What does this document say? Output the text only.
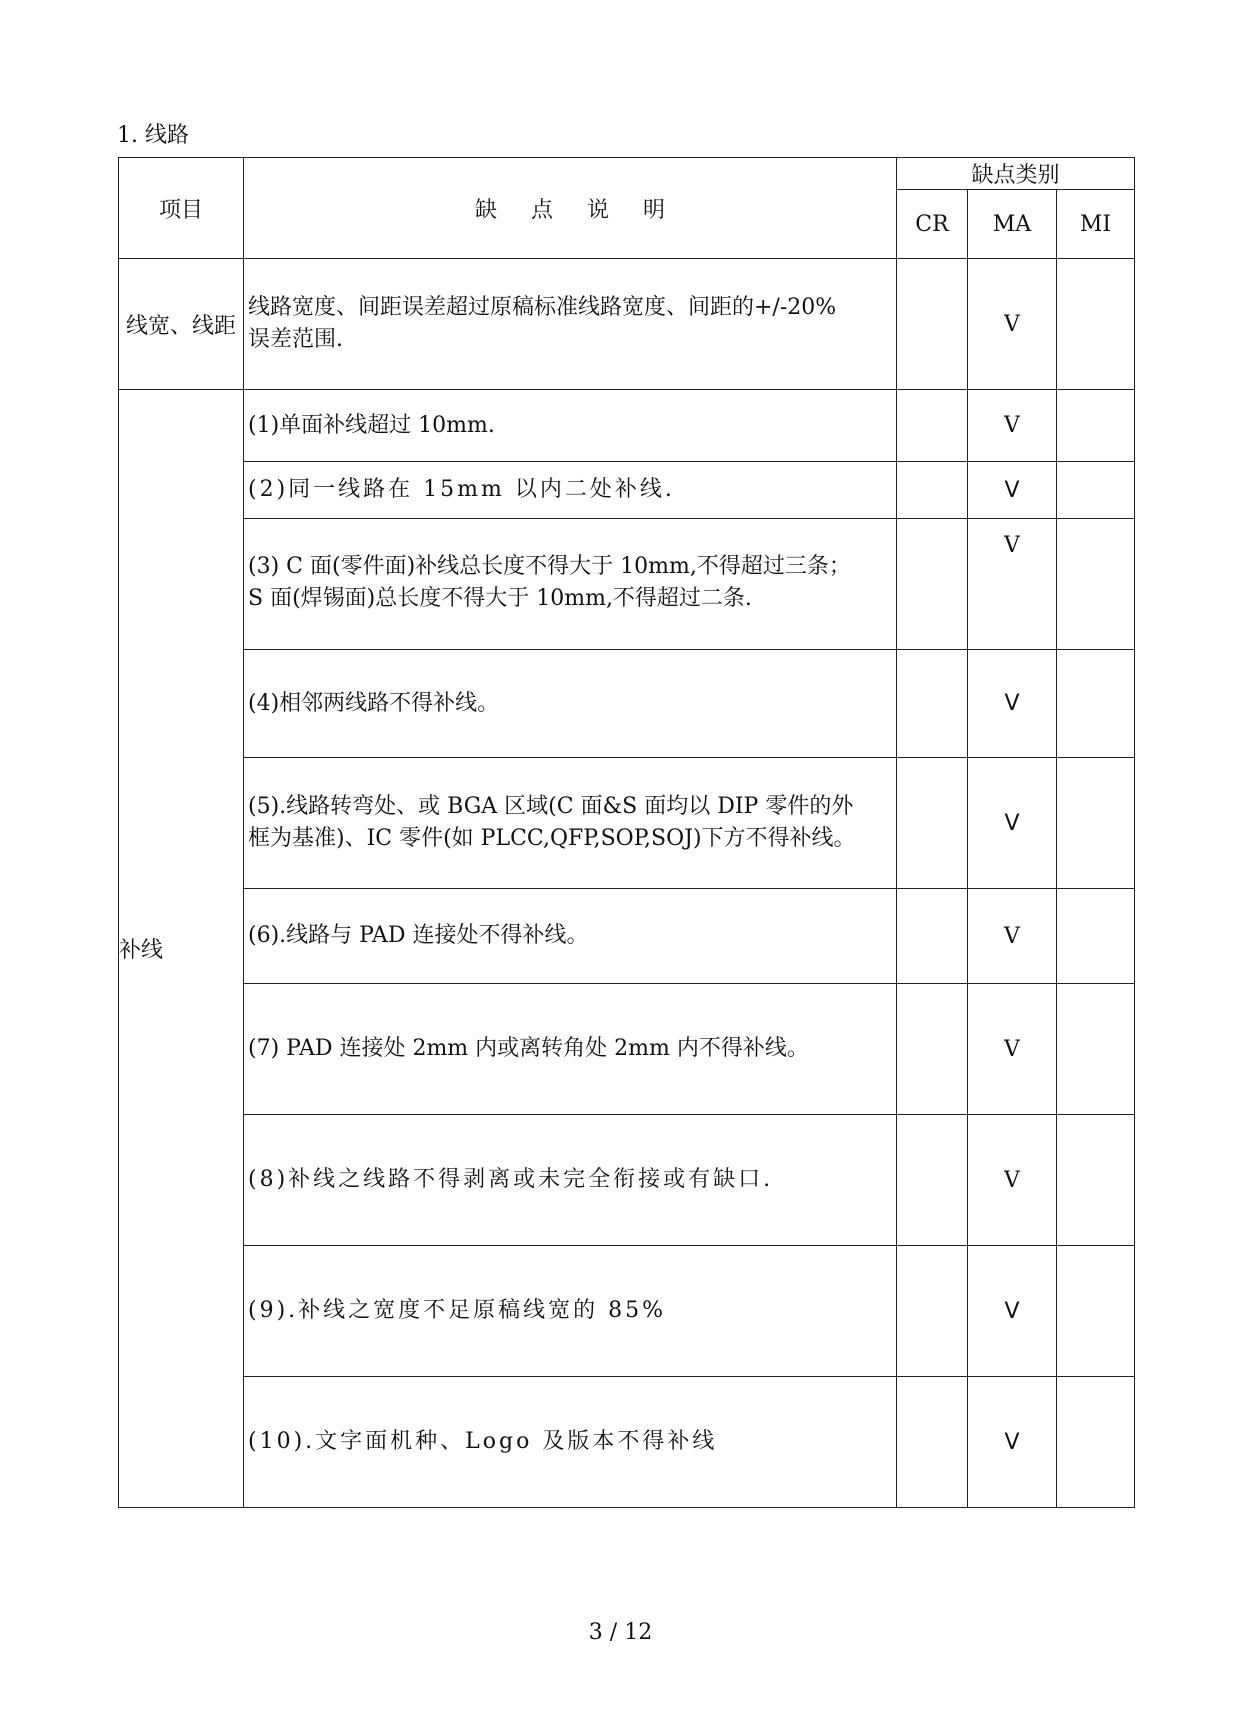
1. 线路
项目	缺点说明	缺点类别		
		CR	MA	MI
线宽、线距	线路宽度、间距误差超过原稿标准线路宽度、间距的+/-20%
误差范围.		V	
补线	(1)单面补线超过 10mm.		V	
	(2)同一线路在 15mm 以内二处补线.		V	

	(3) C 面(零件面)补线总长度不得大于 10mm,不得超过三条；
S 面(焊锡面)总长度不得大于 10mm,不得超过二条.		V	
	(4)相邻两线路不得补线。		V	

	(5).线路转弯处、或 BGA 区域(C 面&S 面均以 DIP 零件的外
框为基准)、IC 零件(如 PLCC,QFP,SOP,SOJ)下方不得补线。		V	
	(6).线路与 PAD 连接处不得补线。		V	
	(7) PAD 连接处 2mm 内或离转角处 2mm 内不得补线。		V	
	(8)补线之线路不得剥离或未完全衔接或有缺口.		V	
	(9).补线之宽度不足原稿线宽的 85%		V	
	(10).文字面机种、Logo 及版本不得补线		V	
3 / 12
